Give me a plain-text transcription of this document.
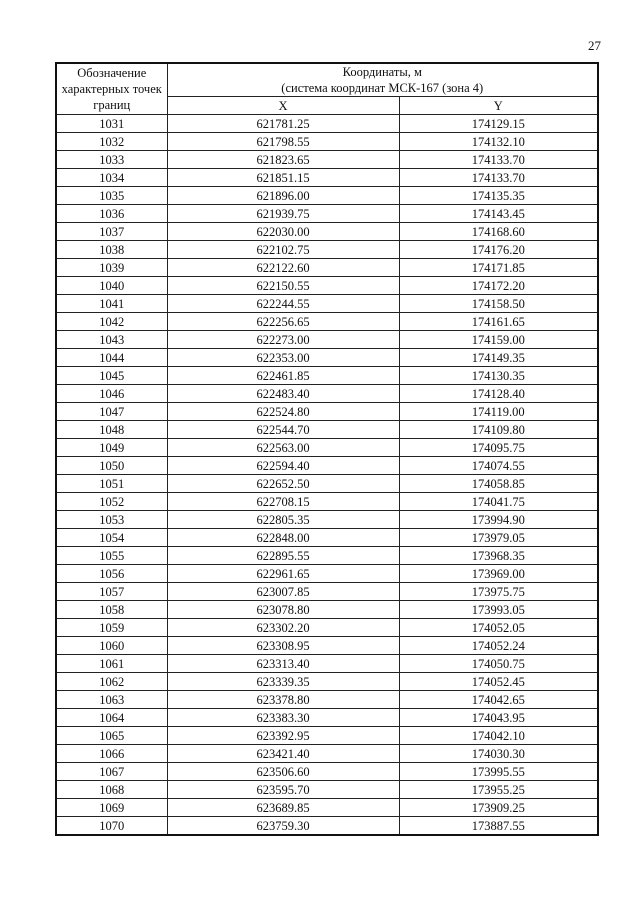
27
Обозначение характерных точек границ	Координаты, м
(система координат МСК-167 (зона 4)	

	X	Y
1031	621781.25	174129.15
1032	621798.55	174132.10
1033	621823.65	174133.70
1034	621851.15	174133.70
1035	621896.00	174135.35
1036	621939.75	174143.45
1037	622030.00	174168.60
1038	622102.75	174176.20
1039	622122.60	174171.85
1040	622150.55	174172.20
1041	622244.55	174158.50
1042	622256.65	174161.65
1043	622273.00	174159.00
1044	622353.00	174149.35
1045	622461.85	174130.35
1046	622483.40	174128.40
1047	622524.80	174119.00
1048	622544.70	174109.80
1049	622563.00	174095.75
1050	622594.40	174074.55
1051	622652.50	174058.85
1052	622708.15	174041.75
1053	622805.35	173994.90
1054	622848.00	173979.05
1055	622895.55	173968.35
1056	622961.65	173969.00
1057	623007.85	173975.75
1058	623078.80	173993.05
1059	623302.20	174052.05
1060	623308.95	174052.24
1061	623313.40	174050.75
1062	623339.35	174052.45
1063	623378.80	174042.65
1064	623383.30	174043.95
1065	623392.95	174042.10
1066	623421.40	174030.30
1067	623506.60	173995.55
1068	623595.70	173955.25
1069	623689.85	173909.25
1070	623759.30	173887.55
